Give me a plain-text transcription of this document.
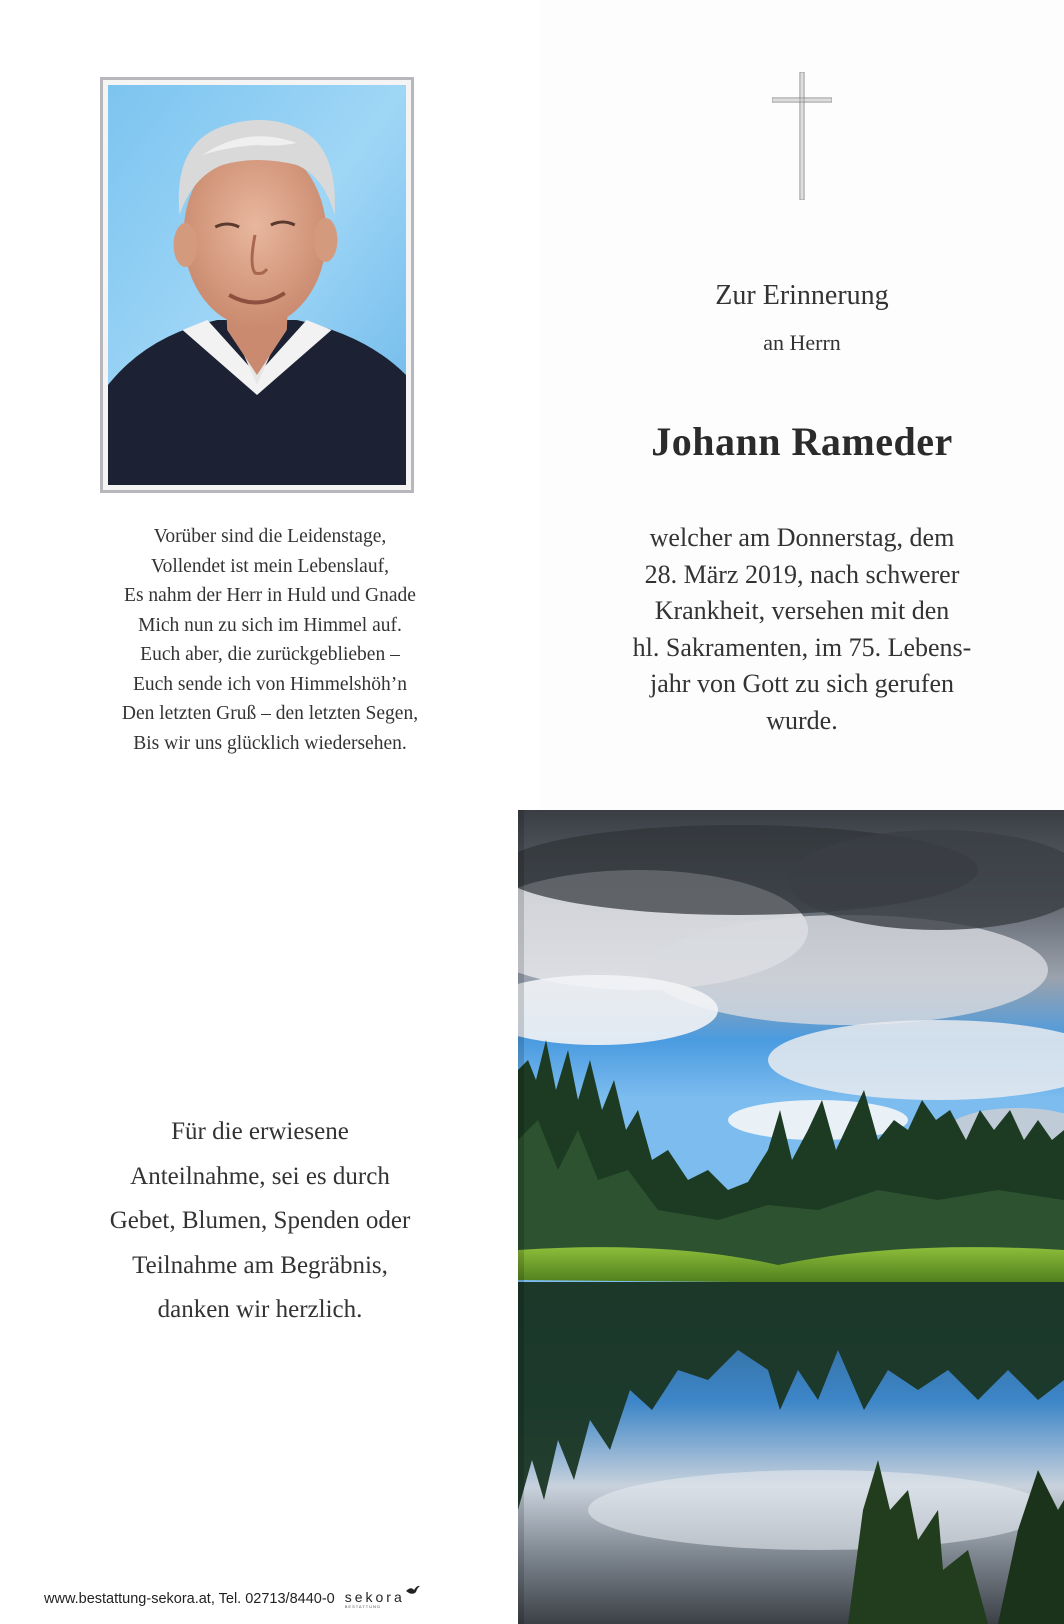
Vorüber sind die Leidenstage,
Vollendet ist mein Lebenslauf,
Es nahm der Herr in Huld und Gnade
Mich nun zu sich im Himmel auf.
Euch aber, die zurückgeblieben –
Euch sende ich von Himmelshöh’n
Den letzten Gruß – den letzten Segen,
Bis wir uns glücklich wiedersehen.
Zur Erinnerung
an Herrn
Johann Rameder
welcher am Donnerstag, dem
28. März 2019, nach schwerer
Krankheit, versehen mit den
hl. Sakramenten, im 75. Lebens-
jahr von Gott zu sich gerufen
wurde.
Für die erwiesene
Anteilnahme, sei es durch
Gebet, Blumen, Spenden oder
Teilnahme am Begräbnis,
danken wir herzlich.
www.bestattung-sekora.at, Tel. 02713/8440-0 sekora
BESTATTUNG
